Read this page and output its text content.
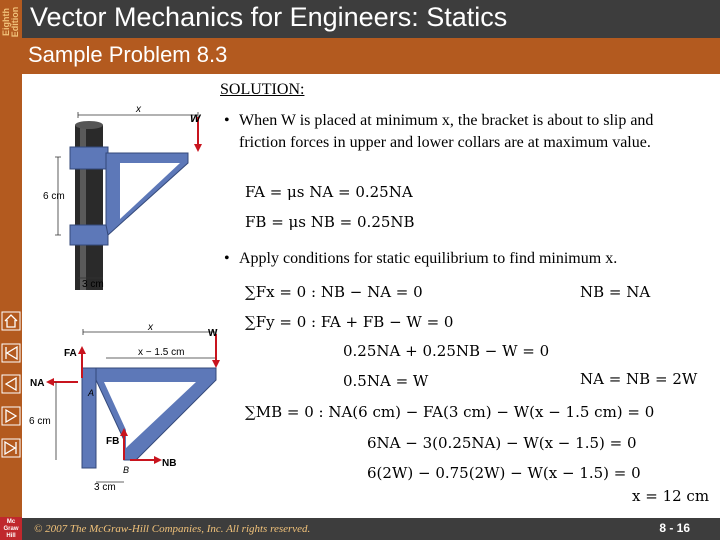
Eighth Edition Vector Mechanics for Engineers: Statics
Sample Problem 8.3
Mc
Graw
Hill
x
W
6 cm
3 cm
x
x − 1.5 cm
W
FA
NA
A
6 cm
FB
NB
B
3 cm
SOLUTION:
• When W is placed at minimum x, the bracket is about to slip and friction forces in upper and lower collars are at maximum value.
FA = μs NA = 0.25NA
FB = μs NB = 0.25NB
• Apply conditions for static equilibrium to find minimum x.
∑Fx = 0 : NB − NA = 0	NB = NA
∑Fy = 0 : FA + FB − W = 0
0.25NA + 0.25NB − W = 0
0.5NA = W	NA = NB = 2W
∑MB = 0 : NA(6 cm) − FA(3 cm) − W(x − 1.5 cm) = 0
6NA − 3(0.25NA) − W(x − 1.5) = 0
6(2W) − 0.75(2W) − W(x − 1.5) = 0
x = 12 cm
© 2007 The McGraw-Hill Companies, Inc. All rights reserved.	8 - 16
